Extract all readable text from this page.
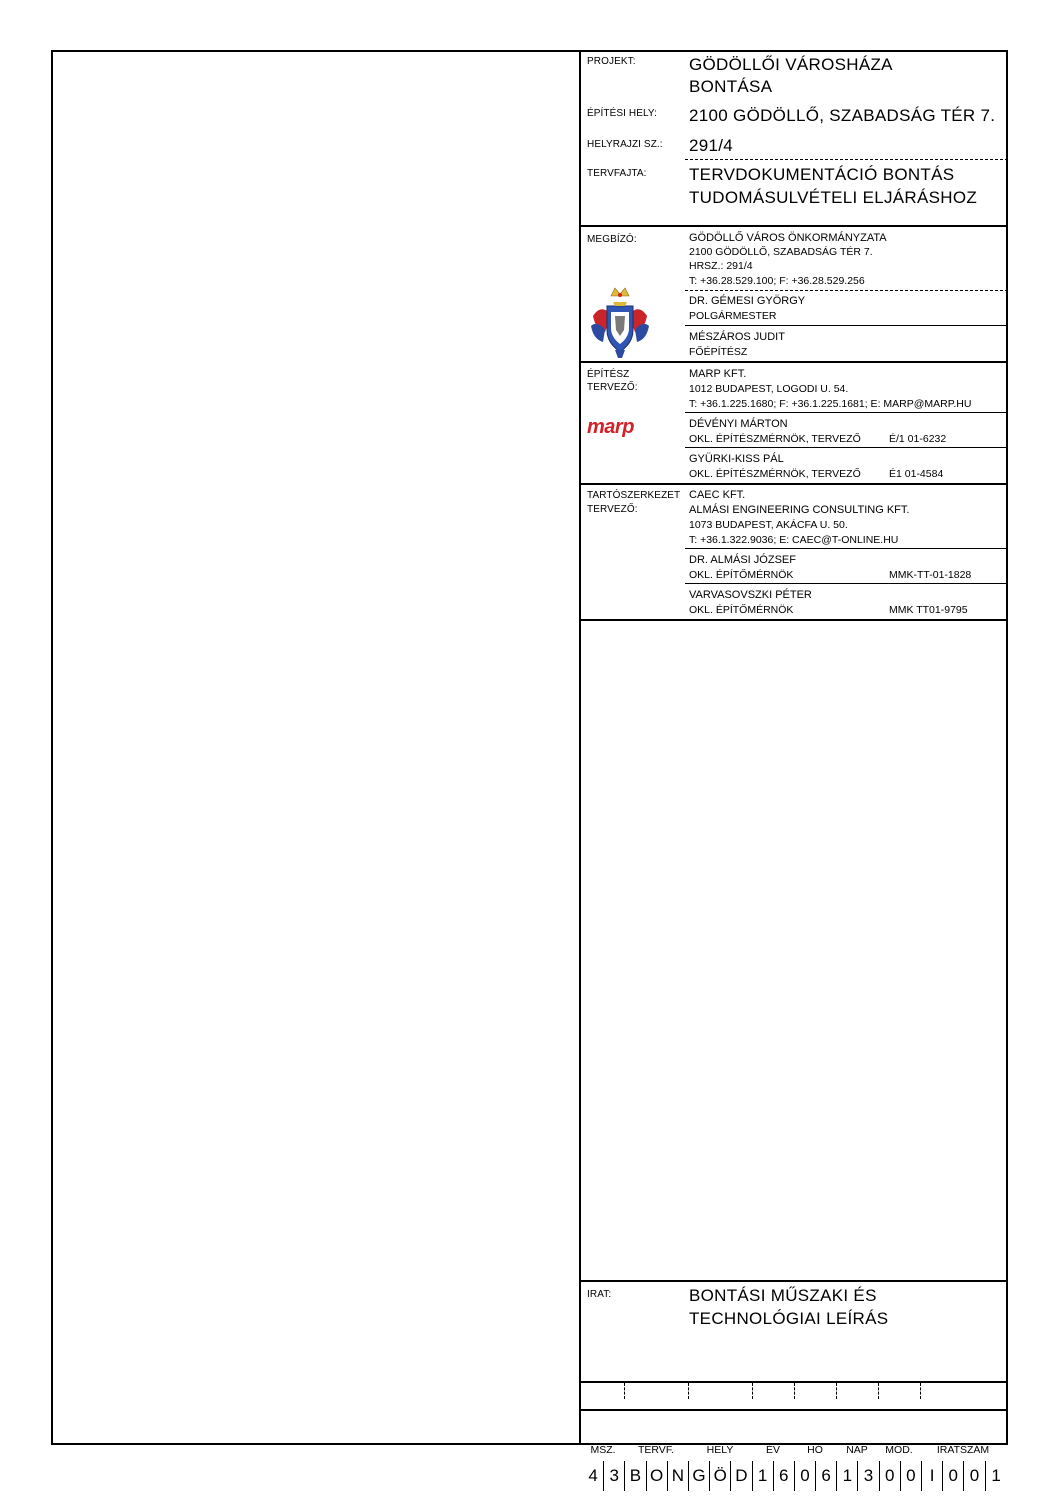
PROJEKT:	GÖDÖLLŐI VÁROSHÁZA
BONTÁSA
ÉPÍTÉSI HELY: 2100 GÖDÖLLŐ, SZABADSÁG TÉR 7.
HELYRAJZI SZ.: 291/4
TERVFAJTA: TERVDOKUMENTÁCIÓ BONTÁS
TUDOMÁSULVÉTELI ELJÁRÁSHOZ
MEGBÍZÓ:	GÖDÖLLŐ VÁROS ÖNKORMÁNYZATA
2100 GÖDÖLLŐ, SZABADSÁG TÉR 7.
HRSZ.: 291/4
T: +36.28.529.100; F: +36.28.529.256
DR. GÉMESI GYÖRGY
POLGÁRMESTER
MÉSZÁROS JUDIT
FŐÉPÍTÉSZ
ÉPÍTÉSZ
TERVEZŐ:
MARP KFT.
1012 BUDAPEST, LOGODI U. 54.
T: +36.1.225.1680; F: +36.1.225.1681; E: MARP@MARP.HU
marp	DÉVÉNYI MÁRTON
OKL. ÉPÍTÉSZMÉRNÖK, TERVEZŐ	É/1 01-6232
GYÜRKI-KISS PÁL
OKL. ÉPÍTÉSZMÉRNÖK, TERVEZŐ	É1 01-4584
TARTÓSZERKEZET
TERVEZŐ:
CAEC KFT.
ALMÁSI ENGINEERING CONSULTING KFT.
1073 BUDAPEST, AKÁCFA U. 50.
T: +36.1.322.9036; E: CAEC@T-ONLINE.HU
DR. ALMÁSI JÓZSEF
OKL. ÉPÍTŐMÉRNÖK	MMK-TT-01-1828
VARVASOVSZKI PÉTER
OKL. ÉPÍTŐMÉRNÖK	MMK TT01-9795
IRAT:	BONTÁSI MŰSZAKI ÉS
TECHNOLÓGIAI LEÍRÁS
MSZ.	TERVF.	HELY	ÉV	HÓ	NAP	MÓD.	IRATSZÁM
4 3 B O N G Ö D 1 6 0 6 1 3 0 0 I 0 0 1
